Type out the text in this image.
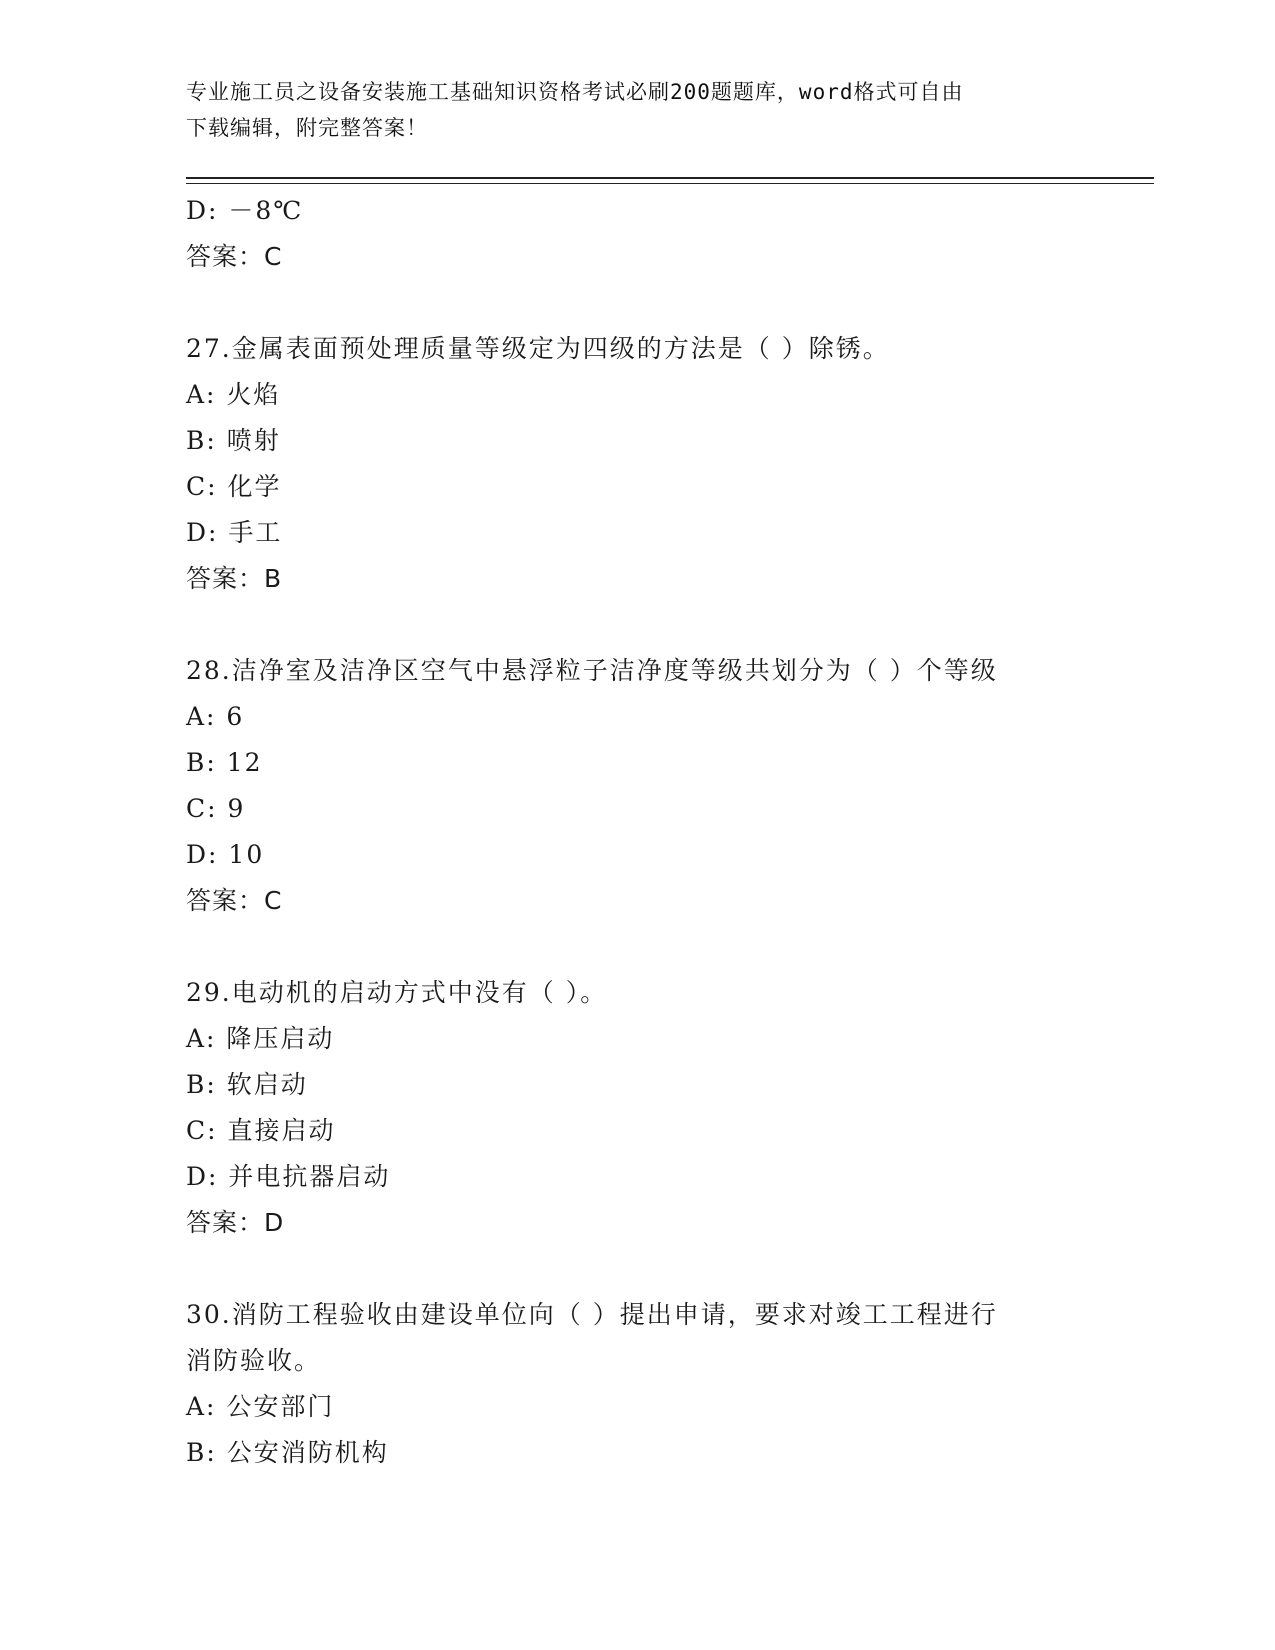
专业施工员之设备安装施工基础知识资格考试必刷200题题库，word格式可自由
下载编辑，附完整答案！
D: －8℃
答案：C
27.金属表面预处理质量等级定为四级的方法是（ ）除锈。
A: 火焰
B: 喷射
C: 化学
D: 手工
答案：B
28.洁净室及洁净区空气中悬浮粒子洁净度等级共划分为（ ）个等级
A: 6
B: 12
C: 9
D: 10
答案：C
29.电动机的启动方式中没有（ ）。
A: 降压启动
B: 软启动
C: 直接启动
D: 并电抗器启动
答案：D
30.消防工程验收由建设单位向（ ）提出申请，要求对竣工工程进行
消防验收。
A: 公安部门
B: 公安消防机构
